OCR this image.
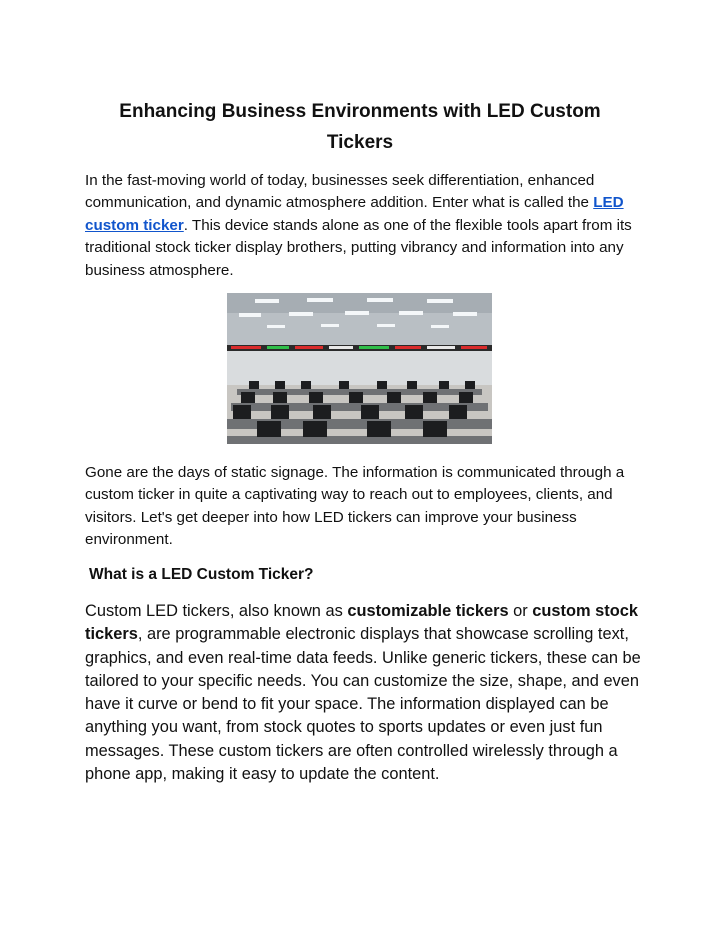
Enhancing Business Environments with LED Custom Tickers

In the fast-moving world of today, businesses seek differentiation, enhanced communication, and dynamic atmosphere addition. Enter what is called the LED custom ticker. This device stands alone as one of the flexible tools apart from its traditional stock ticker display brothers, putting vibrancy and information into any business atmosphere.

Gone are the days of static signage. The information is communicated through a custom ticker in quite a captivating way to reach out to employees, clients, and visitors. Let's get deeper into how LED tickers can improve your business environment.

What is a LED Custom Ticker?

Custom LED tickers, also known as customizable tickers or custom stock tickers, are programmable electronic displays that showcase scrolling text, graphics, and even real-time data feeds. Unlike generic tickers, these can be tailored to your specific needs. You can customize the size, shape, and even have it curve or bend to fit your space. The information displayed can be anything you want, from stock quotes to sports updates or even just fun messages. These custom tickers are often controlled wirelessly through a phone app, making it easy to update the content.
